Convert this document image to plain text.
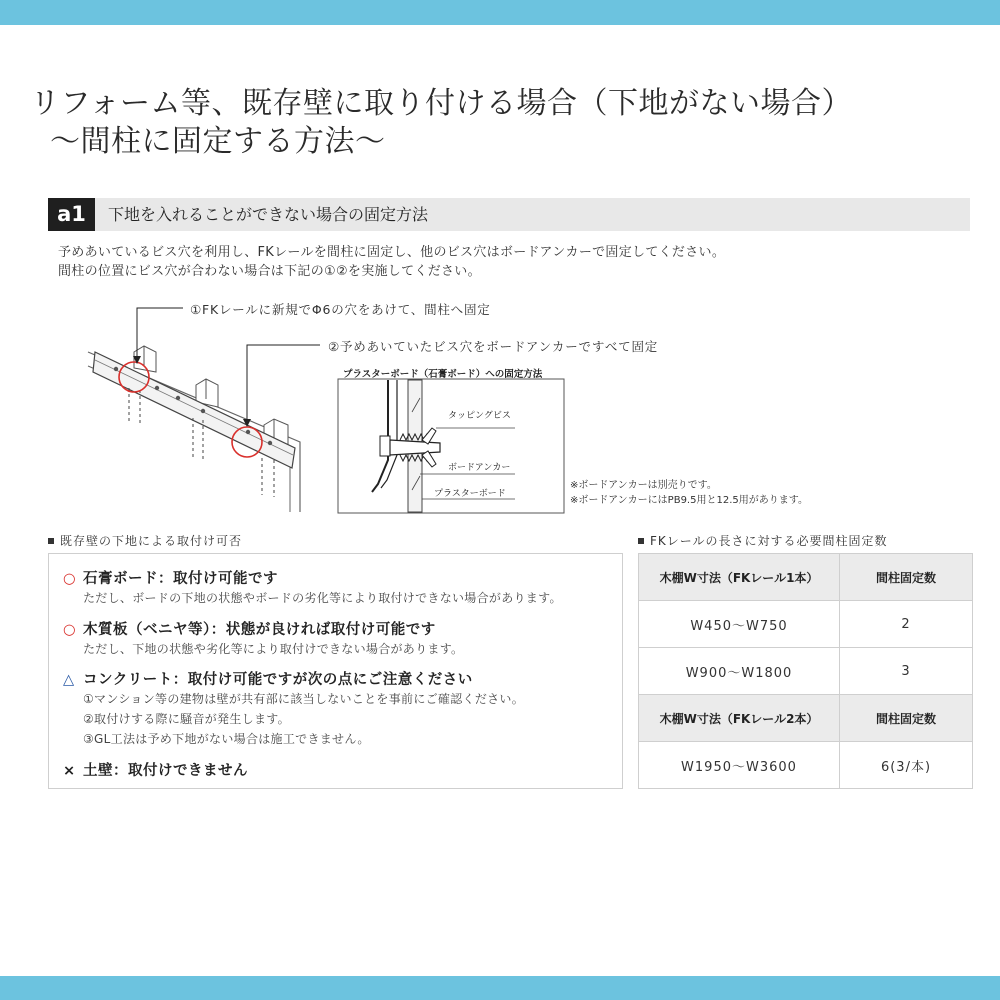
リフォーム等、既存壁に取り付ける場合（下地がない場合）
～間柱に固定する方法～
a1	下地を入れることができない場合の固定方法
予めあいているビス穴を利用し、FKレールを間柱に固定し、他のビス穴はボードアンカーで固定してください。
間柱の位置にビス穴が合わない場合は下記の①②を実施してください。
①FKレールに新規でΦ6の穴をあけて、間柱へ固定
②予めあいていたビス穴をボードアンカーですべて固定
プラスターボード（石膏ボード）への固定方法
タッピングビス
ボードアンカー
プラスターボード
※ボードアンカーは別売りです。
※ボードアンカーにはPB9.5用と12.5用があります。
既存壁の下地による取付け可否	FKレールの長さに対する必要間柱固定数
○ 石膏ボード：取付け可能です
ただし、ボードの下地の状態やボードの劣化等により取付けできない場合があります。
○ 木質板（ベニヤ等）：状態が良ければ取付け可能です
ただし、下地の状態や劣化等により取付けできない場合があります。
△ コンクリート：取付け可能ですが次の点にご注意ください
①マンション等の建物は壁が共有部に該当しないことを事前にご確認ください。
②取付けする際に騒音が発生します。
③GL工法は予め下地がない場合は施工できません。
× 土壁：取付けできません
木棚W寸法（FKレール1本）	間柱固定数
W450～W750	2
W900～W1800	3
木棚W寸法（FKレール2本）	間柱固定数
W1950～W3600	6(3/本)
